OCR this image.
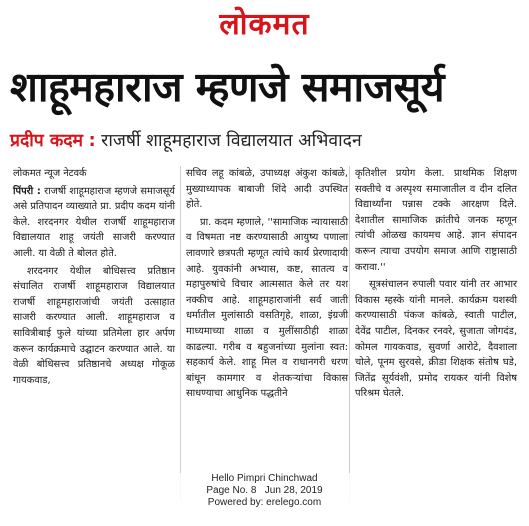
लोकमत
शाहूमहाराज म्हणजे समाजसूर्य
प्रदीप कदम : राजर्षी शाहूमहाराज विद्यालयात अभिवादन

लोकमत न्यूज नेटवर्क

पिंपरी : राजर्षी शाहूमहाराज म्हणजे समाजसूर्य असे प्रतिपादन व्याख्याते प्रा. प्रदीप कदम यांनी केले. शरदनगर येथील राजर्षी शाहूमहाराज विद्यालयात शाहू जयंती साजरी करण्यात आली. या वेळी ते बोलत होते.

शरदनगर येथील बोधिसत्त्व प्रतिष्ठान संचालित राजर्षी शाहूमहाराज विद्यालयात राजर्षी शाहूमहाराजांची जयंती उत्साहात साजरी करण्यात आली. शाहूमहाराज व सावित्रीबाई फुले यांच्या प्रतिमेला हार अर्पण करून कार्यक्रमाचे उद्घाटन करण्यात आले. या वेळी बोधिसत्त्व प्रतिष्ठानचे अध्यक्ष गोकूळ गायकवाड,

सचिव लहू कांबळे, उपाध्यक्ष अंकुश कांबळे, मुख्याध्यापक बाबाजी शिंदे आदी उपस्थित होते.

प्रा. कदम म्हणाले, ''सामाजिक न्यायासाठी व विषमता नष्ट करण्यासाठी आयुष्य पणाला लावणारे छत्रपती म्हणूत त्यांचे कार्य प्रेरणादायी आहे. युवकांनी अभ्यास, कष्ट, सातत्य व महापुरुषांचे विचार आत्मसात केले तर यश नक्कीच आहे. शाहूमहाराजांनी सर्व जाती धर्मातील मुलांसाठी वसतिगृहे, शाळा, इंग्रजी माध्यमाच्या शाळा व मुलींसाठीही शाळा काढल्या. गरीब व बहुजनांच्या मुलांना स्वत: सहकार्य केले. शाहू मिल व राधानगरी धरण बांधून कामगार व शेतकऱ्यांचा विकास साधण्याचा आधुनिक पद्धतीने

कृतिशील प्रयोग केला. प्राथमिक शिक्षण सक्तीचे व अस्पृश्य समाजातील व दीन दलित विद्यार्थ्यांना पन्नास टक्के आरक्षण दिले. देशातील सामाजिक क्रांतीचे जनक म्हणून त्यांची ओळख कायमच आहे. ज्ञान संपादन करून त्याचा उपयोग समाज आणि राष्ट्रासाठी करावा.''

सूत्रसंचालन रुपाली पवार यांनी तर आभार विकास म्हस्के यांनी मानले. कार्यक्रम यशस्वी करण्यासाठी पंकज कांबळे, स्वाती पाटील, देवेंद्र पाटील, दिनकर रनवरे, सुजाता जोगदंड, कोमल गायकवाड, सुवर्णा आरोटे, दैवशाला चोले, पूनम सुरवसे, क्रीडा शिक्षक संतोष घडे, जितेंद्र सूर्यवंशी, प्रमोद रायकर यांनी विशेष परिश्रम घेतले.

Hello Pimpri Chinchwad
Page No. 8 Jun 28, 2019
Powered by: erelego.com
